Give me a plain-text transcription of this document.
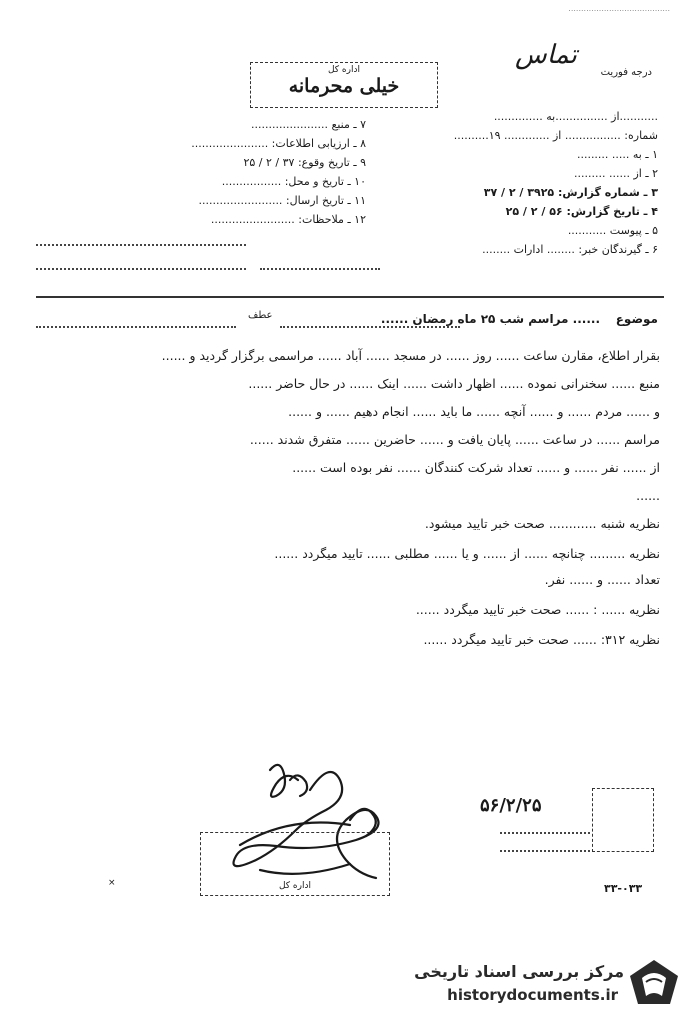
........................................
تماس
درجه فوریت
اداره کل
خیلی محرمانه
...........از ...............به ..............
شماره: ................ از ............. ۱۹..........
۱ ـ به ..... .........
۲ ـ از ...... .........
۳ ـ شماره گزارش: ۳۹۲۵ / ۲ / ۳۷
۴ ـ تاریخ گزارش: ۵۶ / ۲ / ۲۵
۵ ـ پیوست ...........
۶ ـ گیرندگان خبر: ........ ادارات ........
۷ ـ منبع ......................
۸ ـ ارزیابی اطلاعات: ......................
۹ ـ تاریخ وقوع: ۳۷ / ۲ / ۲۵
۱۰ ـ تاریخ و محل: .................
۱۱ ـ تاریخ ارسال: ........................
۱۲ ـ ملاحظات: ........................
موضوع
...... مراسم شب ۲۵ ماه رمضان ......
عطف
بقرار اطلاع، مقارن ساعت ...... روز ...... در مسجد ...... آباد ...... مراسمی برگزار گردید و ......
منبع ...... سخنرانی نموده ...... اظهار داشت ...... اینک ...... در حال حاضر ......
و ...... مردم ...... و ...... آنچه ...... ما باید ...... انجام دهیم ...... و ......
مراسم ...... در ساعت ...... پایان یافت و ...... حاضرین ...... متفرق شدند ......
از ...... نفر ...... و ...... تعداد شرکت کنندگان ...... نفر بوده است ......
......
نظریه شنبه ............ صحت خبر تایید میشود.
نظریه ......... چنانچه ...... از ...... و یا ...... مطلبی ...... تایید میگردد ......
تعداد ...... و ...... نفر.
نظریه ...... : ...... صحت خبر تایید میگردد ......
نظریه ۳۱۲: ...... صحت خبر تایید میگردد ......
۵۶/۲/۲۵
اداره کل
×	۳۳-۰۳۳
مرکز بررسی اسناد تاریخی
historydocuments.ir
